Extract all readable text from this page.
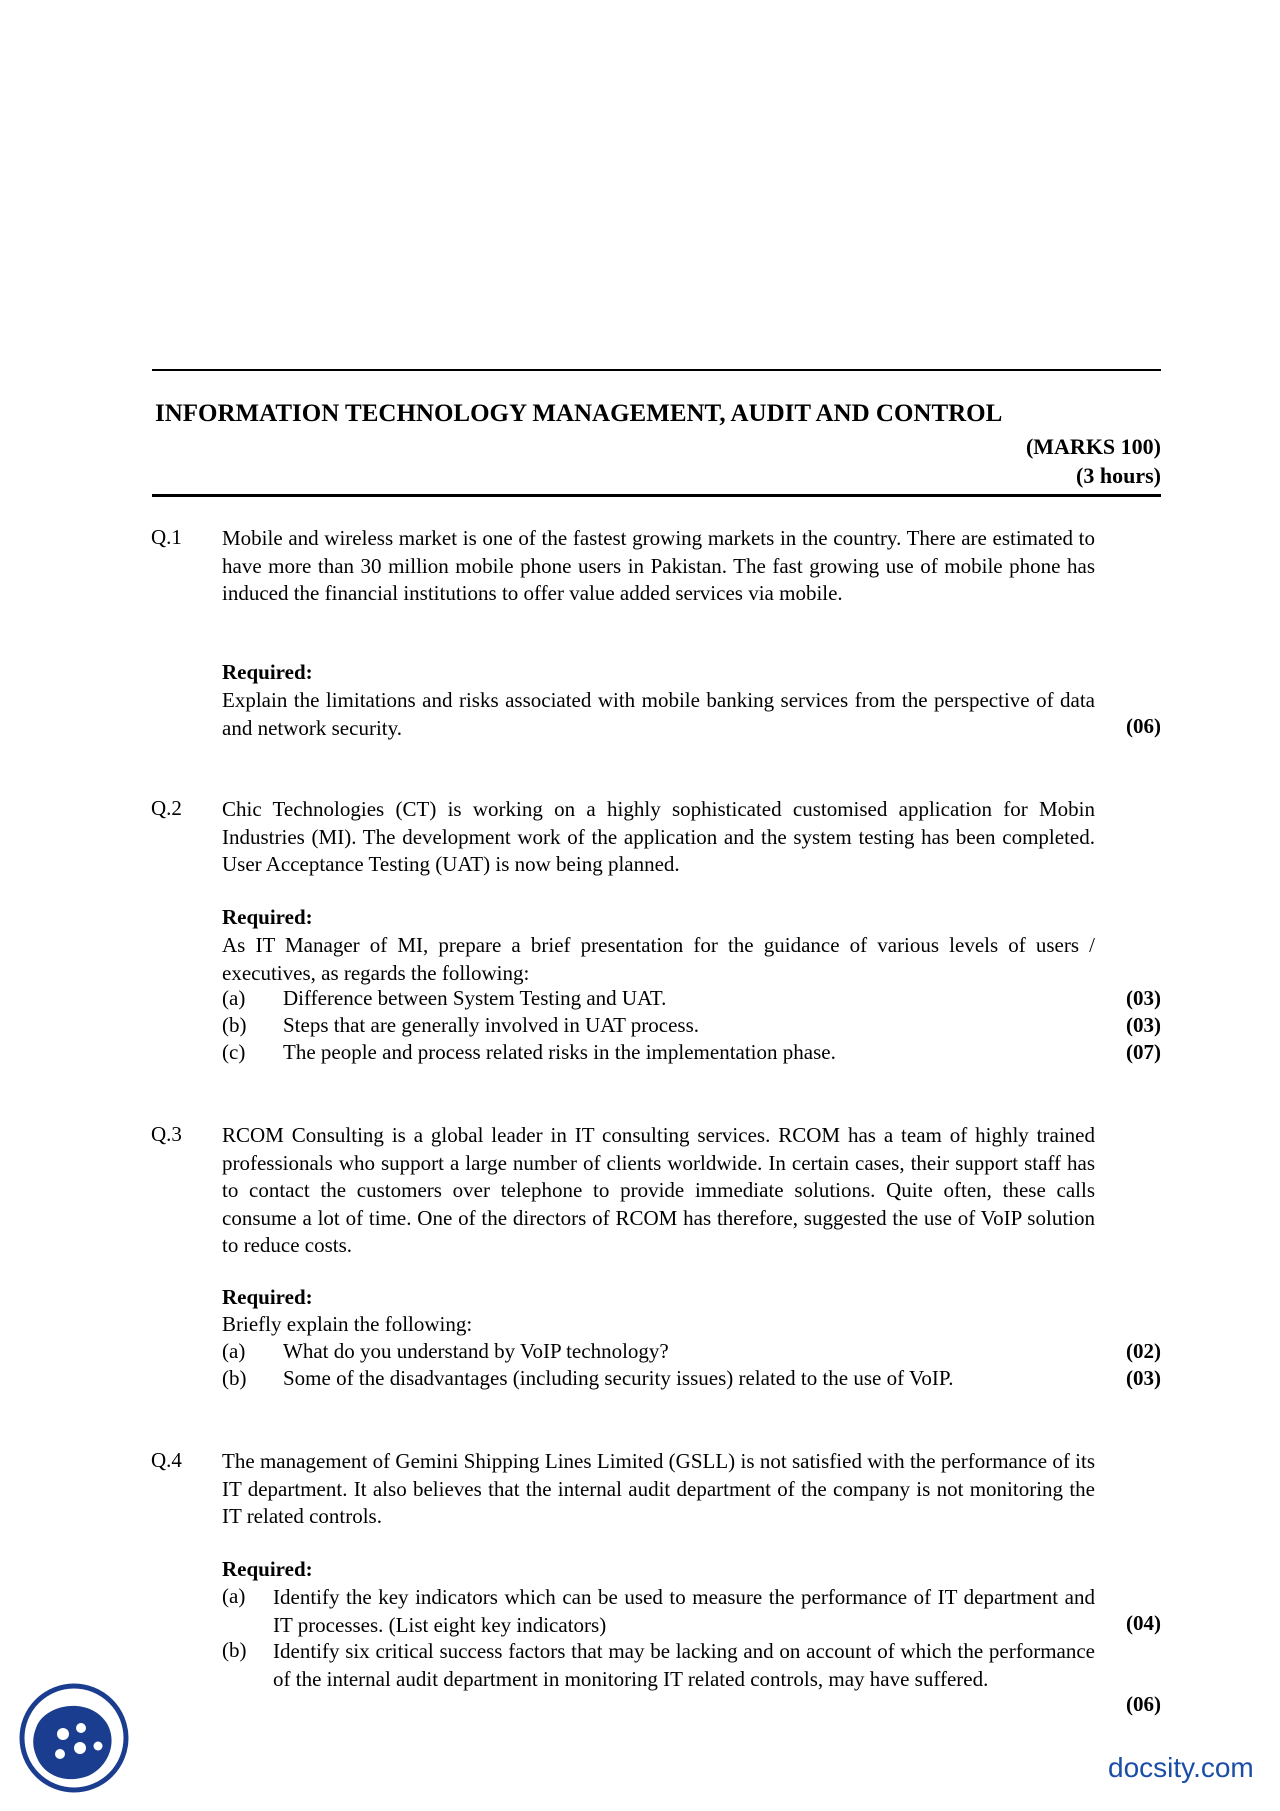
INFORMATION TECHNOLOGY MANAGEMENT, AUDIT AND CONTROL
(MARKS 100)
(3 hours)
Q.1 Mobile and wireless market is one of the fastest growing markets in the country. There are estimated to have more than 30 million mobile phone users in Pakistan. The fast growing use of mobile phone has induced the financial institutions to offer value added services via mobile.
Required:
Explain the limitations and risks associated with mobile banking services from the perspective of data and network security.	(06)
Q.2 Chic Technologies (CT) is working on a highly sophisticated customised application for Mobin Industries (MI). The development work of the application and the system testing has been completed. User Acceptance Testing (UAT) is now being planned.
Required:
As IT Manager of MI, prepare a brief presentation for the guidance of various levels of users / executives, as regards the following:
(a) Difference between System Testing and UAT.	(03)
(b) Steps that are generally involved in UAT process.	(03)
(c) The people and process related risks in the implementation phase.	(07)
Q.3 RCOM Consulting is a global leader in IT consulting services. RCOM has a team of highly trained professionals who support a large number of clients worldwide. In certain cases, their support staff has to contact the customers over telephone to provide immediate solutions. Quite often, these calls consume a lot of time. One of the directors of RCOM has therefore, suggested the use of VoIP solution to reduce costs.
Required:
Briefly explain the following:
(a) What do you understand by VoIP technology?	(02)
(b) Some of the disadvantages (including security issues) related to the use of VoIP.	(03)
Q.4 The management of Gemini Shipping Lines Limited (GSLL) is not satisfied with the performance of its IT department. It also believes that the internal audit department of the company is not monitoring the IT related controls.
Required:
(a) Identify the key indicators which can be used to measure the performance of IT department and IT processes. (List eight key indicators)	(04)
(b) Identify six critical success factors that may be lacking and on account of which the performance of the internal audit department in monitoring IT related controls, may have suffered.
(06)
docsity.com
